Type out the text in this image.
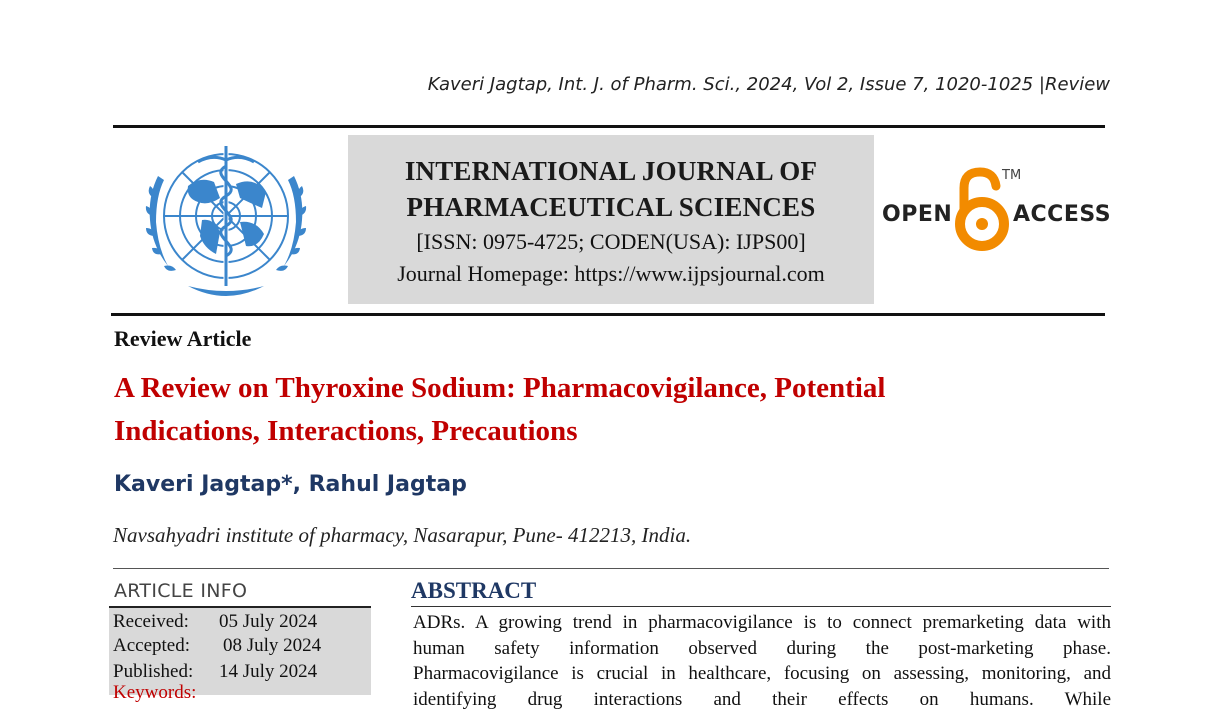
Kaveri Jagtap, Int. J. of Pharm. Sci., 2024, Vol 2, Issue 7, 1020-1025 |Review
INTERNATIONAL JOURNAL OF
PHARMACEUTICAL SCIENCES
[ISSN: 0975-4725; CODEN(USA): IJPS00]
Journal Homepage: https://www.ijpsjournal.com
OPEN
TM
ACCESS
Review Article
A Review on Thyroxine Sodium: Pharmacovigilance, Potential
Indications, Interactions, Precautions
Kaveri Jagtap*, Rahul Jagtap
Navsahyadri institute of pharmacy, Nasarapur, Pune- 412213, India.
ARTICLE INFO
Received: 05 July 2024
Accepted: 08 July 2024
Published: 14 July 2024
Keywords:
ABSTRACT
ADRs. A growing trend in pharmacovigilance is to connect premarketing data with
human safety information observed during the post-marketing phase.
Pharmacovigilance is crucial in healthcare, focusing on assessing, monitoring, and
identifying drug interactions and their effects on humans. While
